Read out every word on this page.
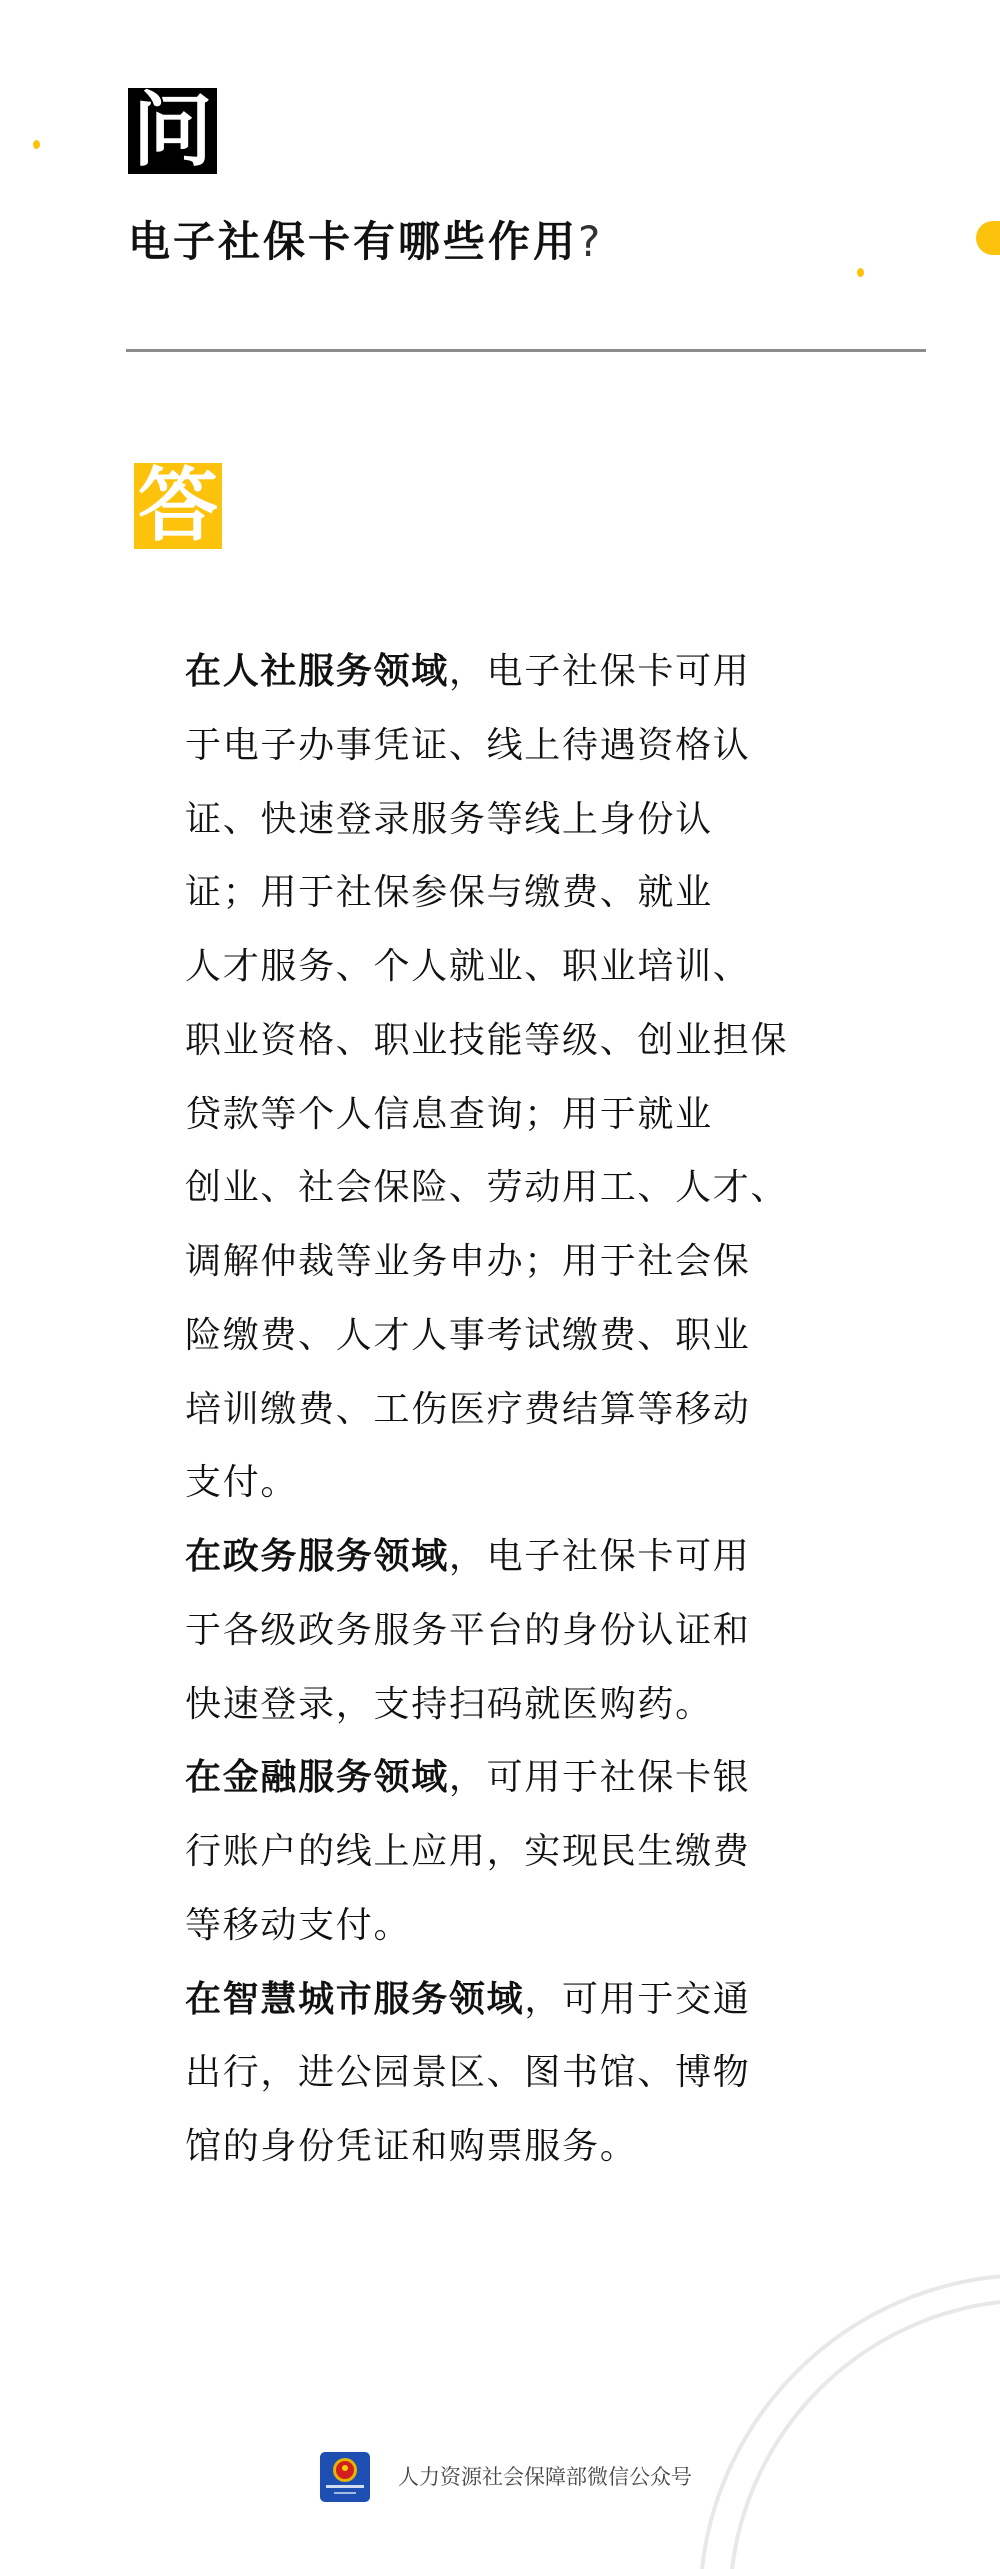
问
电子社保卡有哪些作用?
答
在人社服务领域，电子社保卡可用
于电子办事凭证、线上待遇资格认
证、快速登录服务等线上身份认
证；用于社保参保与缴费、就业
人才服务、个人就业、职业培训、
职业资格、职业技能等级、创业担保
贷款等个人信息查询；用于就业
创业、社会保险、劳动用工、人才、
调解仲裁等业务申办；用于社会保
险缴费、人才人事考试缴费、职业
培训缴费、工伤医疗费结算等移动
支付。
在政务服务领域，电子社保卡可用
于各级政务服务平台的身份认证和
快速登录，支持扫码就医购药。
在金融服务领域，可用于社保卡银
行账户的线上应用，实现民生缴费
等移动支付。
在智慧城市服务领域，可用于交通
出行，进公园景区、图书馆、博物
馆的身份凭证和购票服务。
人力资源社会保障部微信公众号
